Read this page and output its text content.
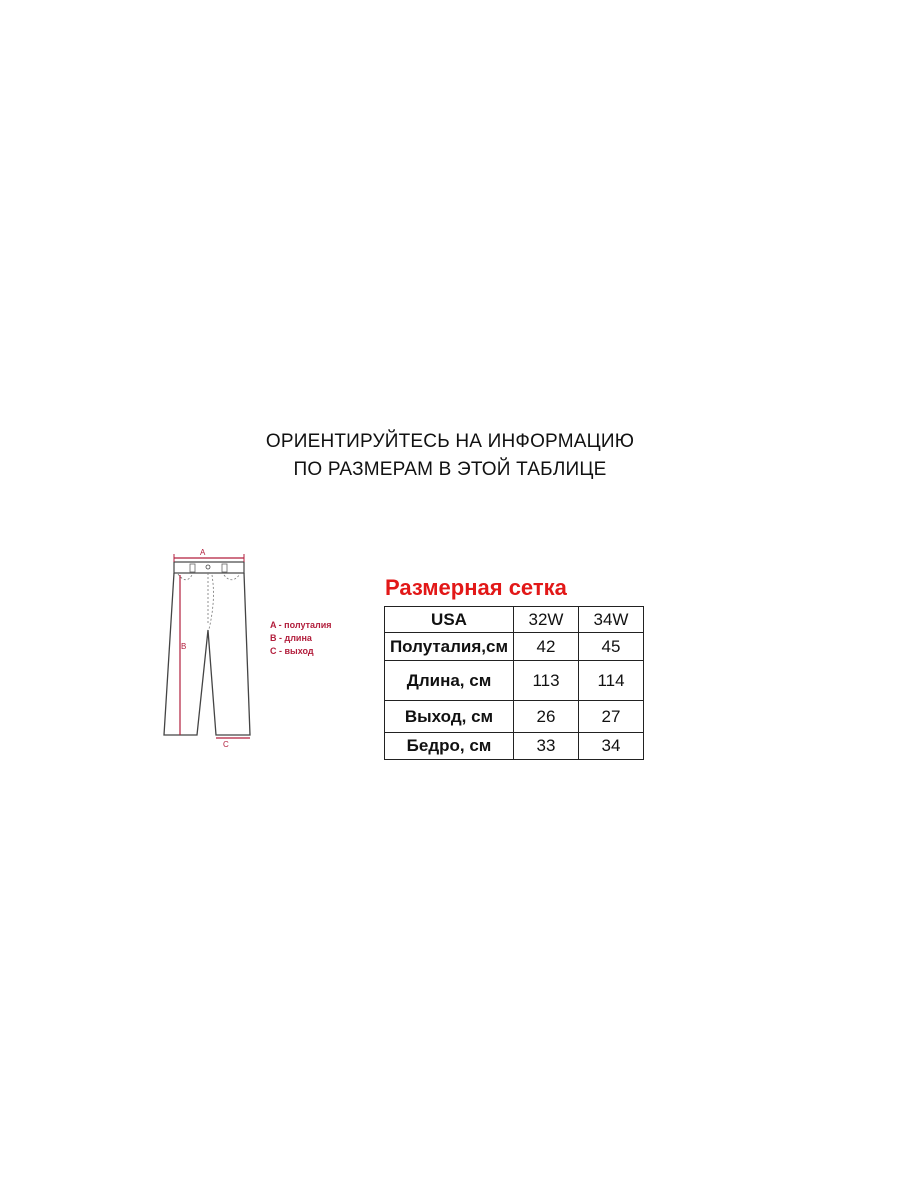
ОРИЕНТИРУЙТЕСЬ НА ИНФОРМАЦИЮ
ПО РАЗМЕРАМ В ЭТОЙ ТАБЛИЦЕ
A
B
C
A - полуталия
B - длина
C - выход
Размерная сетка
USA	32W	34W
Полуталия,см	42	45
Длина, см	113	114
Выход, см	26	27
Бедро, см	33	34
